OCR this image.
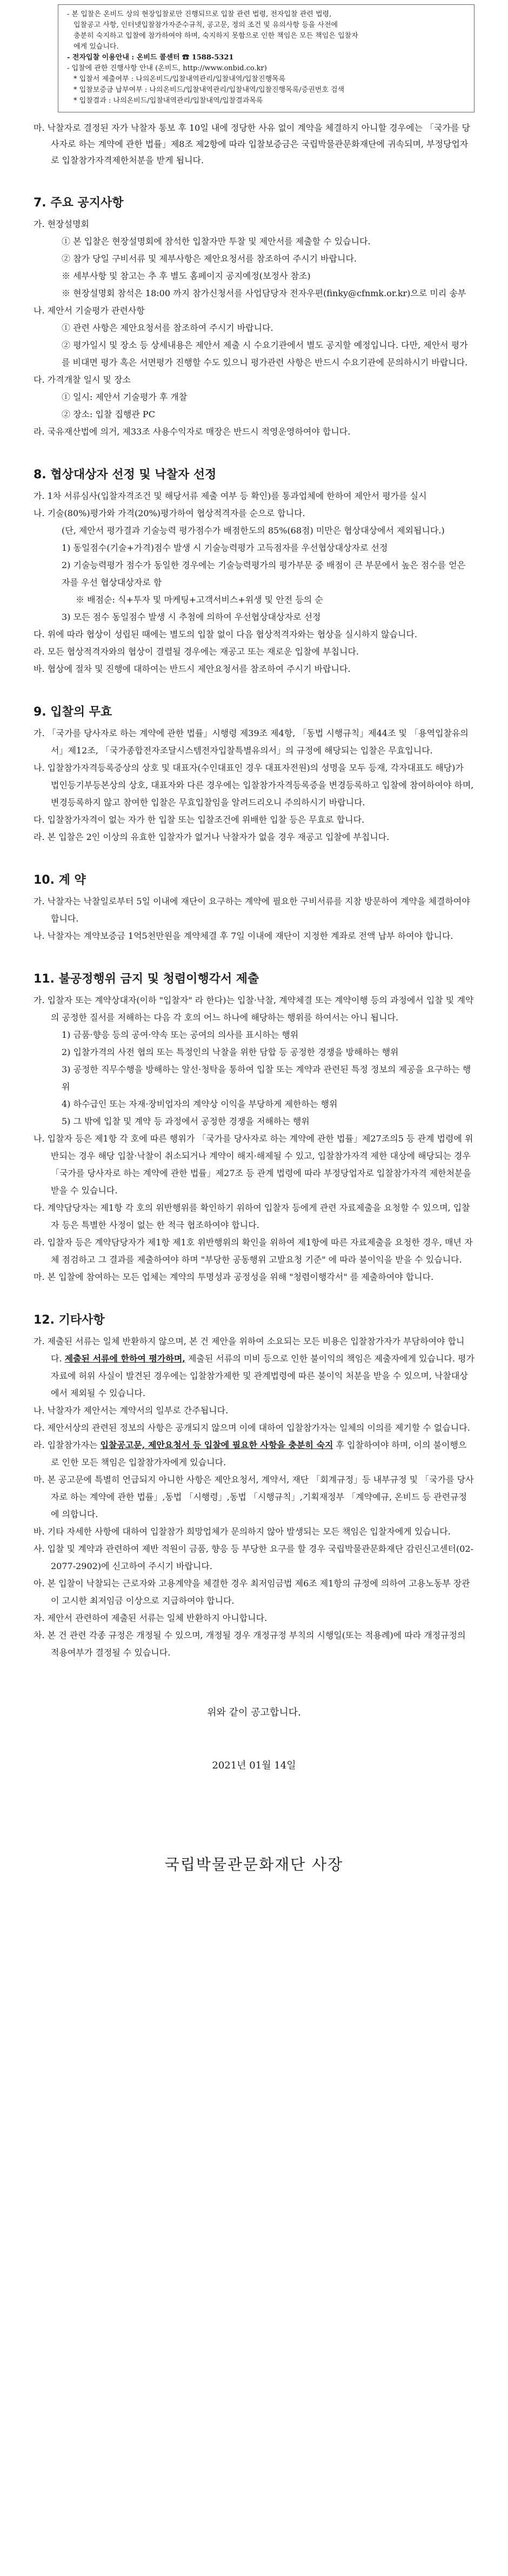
- 본 입찰은 온비드 상의 현장입찰로만 진행되므로 입찰 관련 법령, 전자입찰 관련 법령,

입찰공고 사항, 인터넷입찰참가자준수규칙, 공고문, 정의 조건 및 유의사항 등을 사전에

충분히 숙지하고 입찰에 참가하여야 하며, 숙지하지 못함으로 인한 책임은 모든 책임은 입찰자

에게 있습니다.

- 전자입찰 이용안내 : 온비드 콜센터 ☎ 1588-5321

- 입찰에 관한 진행사항 안내 (온비드, http://www.onbid.co.kr)

* 입찰서 제출여부 : 나의온비드/입찰내역관리/입찰내역/입찰진행목록

* 입찰보증금 납부여부 : 나의온비드/입찰내역관리/입찰내역/입찰진행목록/증권번호 검색

* 입찰결과 : 나의온비드/입찰내역관리/입찰내역/입찰결과목록

마. 낙찰자로 결정된 자가 낙찰자 통보 후 10일 내에 정당한 사유 없이 계약을 체결하지 아니할 경우에는 「국가를 당사자로 하는 계약에 관한 법률」제8조 제2항에 따라 입찰보증금은 국립박물관문화재단에 귀속되며, 부정당업자로 입찰참가자격제한처분을 받게 됩니다.

7. 주요 공지사항
가. 현장설명회
① 본 입찰은 현장설명회에 참석한 입찰자만 투찰 및 제안서를 제출할 수 있습니다.
② 참가 당일 구비서류 및 제부사항은 제안요청서를 참조하여 주시기 바랍니다.
※ 세부사항 및 참고는 추 후 별도 홈페이지 공지예정(보정사 참조)
※ 현장설명회 참석은 18:00 까지 참가신청서를 사업담당자 전자우편(finky@cfnmk.or.kr)으로 미리 송부
나. 제안서 기술평가 관련사항
① 관련 사항은 제안요청서를 참조하여 주시기 바랍니다.
② 평가일시 및 장소 등 상세내용은 제안서 제출 시 수요기관에서 별도 공지할 예정입니다. 다만, 제안서 평가를 비대면 평가 혹은 서면평가 진행할 수도 있으니 평가관련 사항은 반드시 수요기관에 문의하시기 바랍니다.
다. 가격개찰 일시 및 장소
① 일시: 제안서 기술평가 후 개찰
② 장소: 입찰 집행관 PC
라. 국유재산법에 의거, 제33조 사용수익자로 매장은 반드시 적영운영하여야 합니다.
8. 협상대상자 선정 및 낙찰자 선정
가. 1차 서류심사(입찰자격조건 및 해당서류 제출 여부 등 확인)를 통과업체에 한하여 제안서 평가를 실시
나. 기술(80%)평가와 가격(20%)평가하여 협상적격자를 순으로 합니다.
(단, 제안서 평가결과 기술능력 평가점수가 배점한도의 85%(68점) 미만은 협상대상에서 제외됩니다.)
1) 동일점수(기술+가격)점수 발생 시 기술능력평가 고득점자를 우선협상대상자로 선정
2) 기술능력평가 점수가 동일한 경우에는 기술능력평가의 평가부문 중 배점이 큰 부문에서 높은 점수를 얻은 자를 우선 협상대상자로 함
※ 배점순: 식+투자 및 마케팅+고객서비스+위생 및 안전 등의 순
3) 모든 점수 동일점수 발생 시 추첨에 의하여 우선협상대상자로 선정
다. 위에 따라 협상이 성립된 때에는 별도의 입찰 없이 다음 협상적격자와는 협상을 실시하지 않습니다.
라. 모든 협상적격자와의 협상이 결렬될 경우에는 재공고 또는 재로운 입찰에 부칩니다.
바. 협상에 절차 및 진행에 대하여는 반드시 제안요청서를 참조하여 주시기 바랍니다.
9. 입찰의 무효
가. 「국가를 당사자로 하는 계약에 관한 법률」시행령 제39조 제4항, 「동법 시행규칙」제44조 및 「용역입찰유의서」제12조, 「국가종합전자조달시스템전자입찰특별유의서」의 규정에 해당되는 입찰은 무효입니다.
나. 입찰참가자격등록증상의 상호 및 대표자(수인대표인 경우 대표자전원)의 성명을 모두 등재, 각자대표도 해당)가 법인등기부등본상의 상호, 대표자와 다른 경우에는 입찰참가자격등록증을 변경등록하고 입찰에 참여하여야 하며, 변경등록하지 않고 참여한 입찰은 무효입찰임을 알려드리오니 주의하시기 바랍니다.
다. 입찰참가자격이 없는 자가 한 입찰 또는 입찰조건에 위배한 입찰 등은 무효로 합니다.
라. 본 입찰은 2인 이상의 유효한 입찰자가 없거나 낙찰자가 없을 경우 재공고 입찰에 부칩니다.
10. 계 약
가. 낙찰자는 낙찰일로부터 5일 이내에 재단이 요구하는 계약에 필요한 구비서류를 지참 방문하여 계약을 체결하여야 합니다.
나. 낙찰자는 계약보증금 1억5천만원을 계약체결 후 7일 이내에 재단이 지정한 계좌로 전액 납부 하여야 합니다.
11. 불공정행위 금지 및 청렴이행각서 제출
가. 입찰자 또는 계약상대자(이하 "입찰자" 라 한다)는 입찰·낙찰, 계약체결 또는 계약이행 등의 과정에서 입찰 및 계약의 공정한 질서를 저해하는 다음 각 호의 어느 하나에 해당하는 행위를 하여서는 아니 됩니다.
1) 금품·향응 등의 공여·약속 또는 공여의 의사를 표시하는 행위
2) 입찰가격의 사전 협의 또는 특정인의 낙찰을 위한 담합 등 공정한 경쟁을 방해하는 행위
3) 공정한 직무수행을 방해하는 알선·청탁을 통하여 입찰 또는 계약과 관련된 특정 정보의 제공을 요구하는 행위
4) 하수급인 또는 자재·장비업자의 계약상 이익을 부당하게 제한하는 행위
5) 그 밖에 입찰 및 계약 등 과정에서 공정한 경쟁을 저해하는 행위
나. 입찰자 등은 제1항 각 호에 따른 행위가 「국가를 당사자로 하는 계약에 관한 법률」제27조의5 등 관계 법령에 위반되는 경우 해당 입찰·낙찰이 취소되거나 계약이 해지·해제될 수 있고, 입찰참가자격 제한 대상에 해당되는 경우 「국가를 당사자로 하는 계약에 관한 법률」제27조 등 관계 법령에 따라 부정당업자로 입찰참가자격 제한처분을 받을 수 있습니다.
다. 계약담당자는 제1항 각 호의 위반행위를 확인하기 위하여 입찰자 등에게 관련 자료제출을 요청할 수 있으며, 입찰자 등은 특별한 사정이 없는 한 적극 협조하여야 합니다.
라. 입찰자 등은 계약담당자가 제1항 제1호 위반행위의 확인을 위하여 제1항에 따른 자료제출을 요청한 경우, 매년 자체 점검하고 그 결과를 제출하여야 하며 "부당한 공동행위 고발요청 기준" 에 따라 불이익을 받을 수 있습니다.
마. 본 입찰에 참여하는 모든 업체는 계약의 투명성과 공정성을 위해 "청렴이행각서" 를 제출하여야 합니다.
12. 기타사항
가. 제출된 서류는 일체 반환하지 않으며, 본 건 제안을 위하여 소요되는 모든 비용은 입찰참가자가 부담하여야 합니다. 제출된 서류에 한하여 평가하며, 제출된 서류의 미비 등으로 인한 불이익의 책임은 제출자에게 있습니다. 평가 자료에 허위 사실이 발견된 경우에는 입찰참가제한 및 관계법령에 따른 불이익 처분을 받을 수 있으며, 낙찰대상에서 제외될 수 있습니다.
나. 낙찰자가 제안서는 계약서의 일부로 간주됩니다.
다. 제안서상의 관련된 정보의 사항은 공개되지 않으며 이에 대하여 입찰참가자는 일체의 이의를 제기할 수 없습니다.
라. 입찰참가자는 입찰공고문, 제안요청서 등 입찰에 필요한 사항을 충분히 숙지 후 입찰하여야 하며, 이의 불이행으로 인한 모든 책임은 입찰참가자에게 있습니다.
마. 본 공고문에 특별히 언급되지 아니한 사항은 제안요청서, 계약서, 재단 「회계규정」등 내부규정 및 「국가를 당사자로 하는 계약에 관한 법률」,동법 「시행령」,동법 「시행규칙」,기획재정부 「계약예규, 온비드 등 관련규정에 의합니다.
바. 기타 자세한 사항에 대하여 입찰참가 희망업체가 문의하지 않아 발생되는 모든 책임은 입찰자에게 있습니다.
사. 입찰 및 계약과 관련하여 제반 적원이 금품, 향응 등 부당한 요구를 할 경우 국립박물관문화재단 감린신고센터(02-2077-2902)에 신고하여 주시기 바랍니다.
아. 본 입찰이 낙찰되는 근로자와 고용계약을 체결한 경우 최저임금법 제6조 제1항의 규정에 의하여 고용노동부 장관이 고시한 최저임금 이상으로 지급하여야 합니다.
자. 제안서 관련하여 제출된 서류는 일체 반환하지 아니합니다.
차. 본 건 관련 각종 규정은 개정될 수 있으며, 개정될 경우 개정규정 부칙의 시행일(또는 적용례)에 따라 개정규정의 적용여부가 결정될 수 있습니다.
위와 같이 공고합니다.
2021년 01월 14일
국립박물관문화재단 사장
